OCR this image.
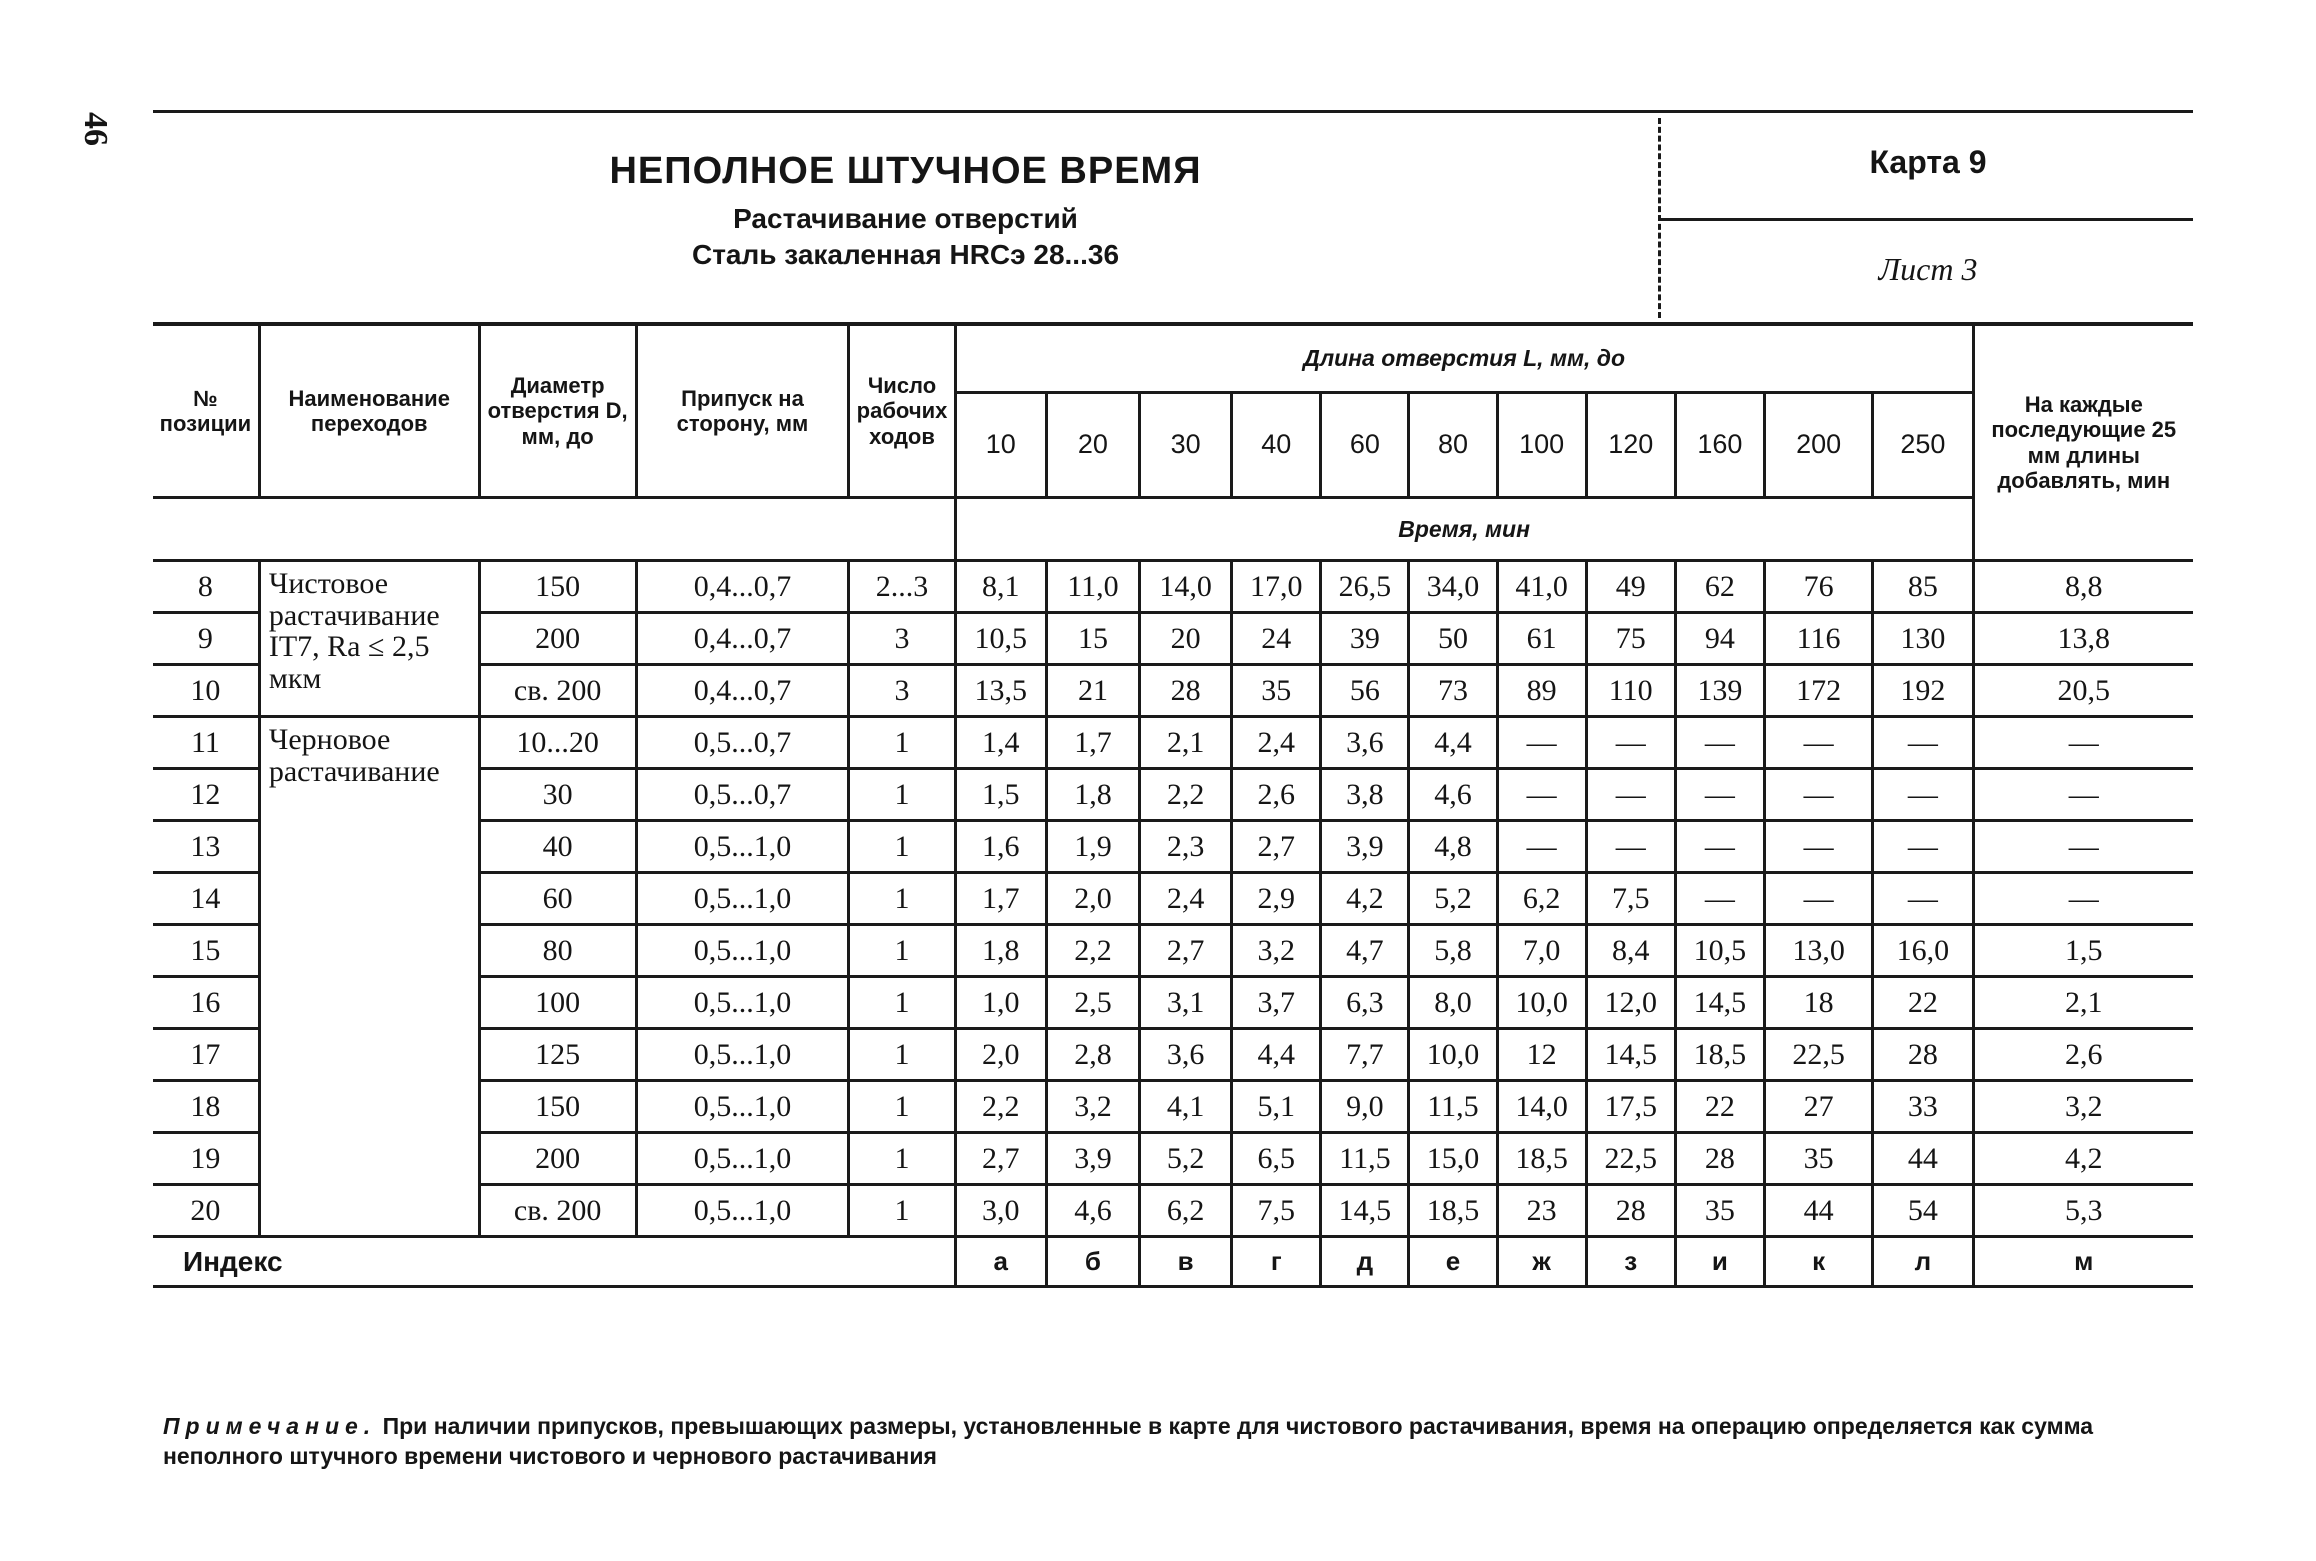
46
НЕПОЛНОЕ ШТУЧНОЕ ВРЕМЯ
Растачивание отверстий
Сталь закаленная HRCэ 28...36
Карта 9
Лист 3
№ позиции	Наименование переходов	Диаметр отверстия D, мм, до	Припуск на сторону, мм	Число рабочих ходов	Длина отверстия L, мм, до											На каждые последующие 25 мм длины добавлять, мин
					10	20	30	40	60	80	100	120	160	200	250	

					Время, мин											
8	Чистовое растачивание IT7, Ra ≤ 2,5 мкм	150	0,4...0,7	2...3	8,1	11,0	14,0	17,0	26,5	34,0	41,0	49	62	76	85	8,8
9		200	0,4...0,7	3	10,5	15	20	24	39	50	61	75	94	116	130	13,8
10		св. 200	0,4...0,7	3	13,5	21	28	35	56	73	89	110	139	172	192	20,5
11	Черновое растачивание	10...20	0,5...0,7	1	1,4	1,7	2,1	2,4	3,6	4,4	—	—	—	—	—	—
12		30	0,5...0,7	1	1,5	1,8	2,2	2,6	3,8	4,6	—	—	—	—	—	—
13		40	0,5...1,0	1	1,6	1,9	2,3	2,7	3,9	4,8	—	—	—	—	—	—
14		60	0,5...1,0	1	1,7	2,0	2,4	2,9	4,2	5,2	6,2	7,5	—	—	—	—
15		80	0,5...1,0	1	1,8	2,2	2,7	3,2	4,7	5,8	7,0	8,4	10,5	13,0	16,0	1,5
16		100	0,5...1,0	1	1,0	2,5	3,1	3,7	6,3	8,0	10,0	12,0	14,5	18	22	2,1
17		125	0,5...1,0	1	2,0	2,8	3,6	4,4	7,7	10,0	12	14,5	18,5	22,5	28	2,6
18		150	0,5...1,0	1	2,2	3,2	4,1	5,1	9,0	11,5	14,0	17,5	22	27	33	3,2
19		200	0,5...1,0	1	2,7	3,9	5,2	6,5	11,5	15,0	18,5	22,5	28	35	44	4,2
20		св. 200	0,5...1,0	1	3,0	4,6	6,2	7,5	14,5	18,5	23	28	35	44	54	5,3
Индекс					а	б	в	г	д	е	ж	з	и	к	л	м
Примечание. При наличии припусков, превышающих размеры, установленные в карте для чистового растачивания, время на операцию определяется как сумма неполного штучного времени чистового и чернового растачивания
